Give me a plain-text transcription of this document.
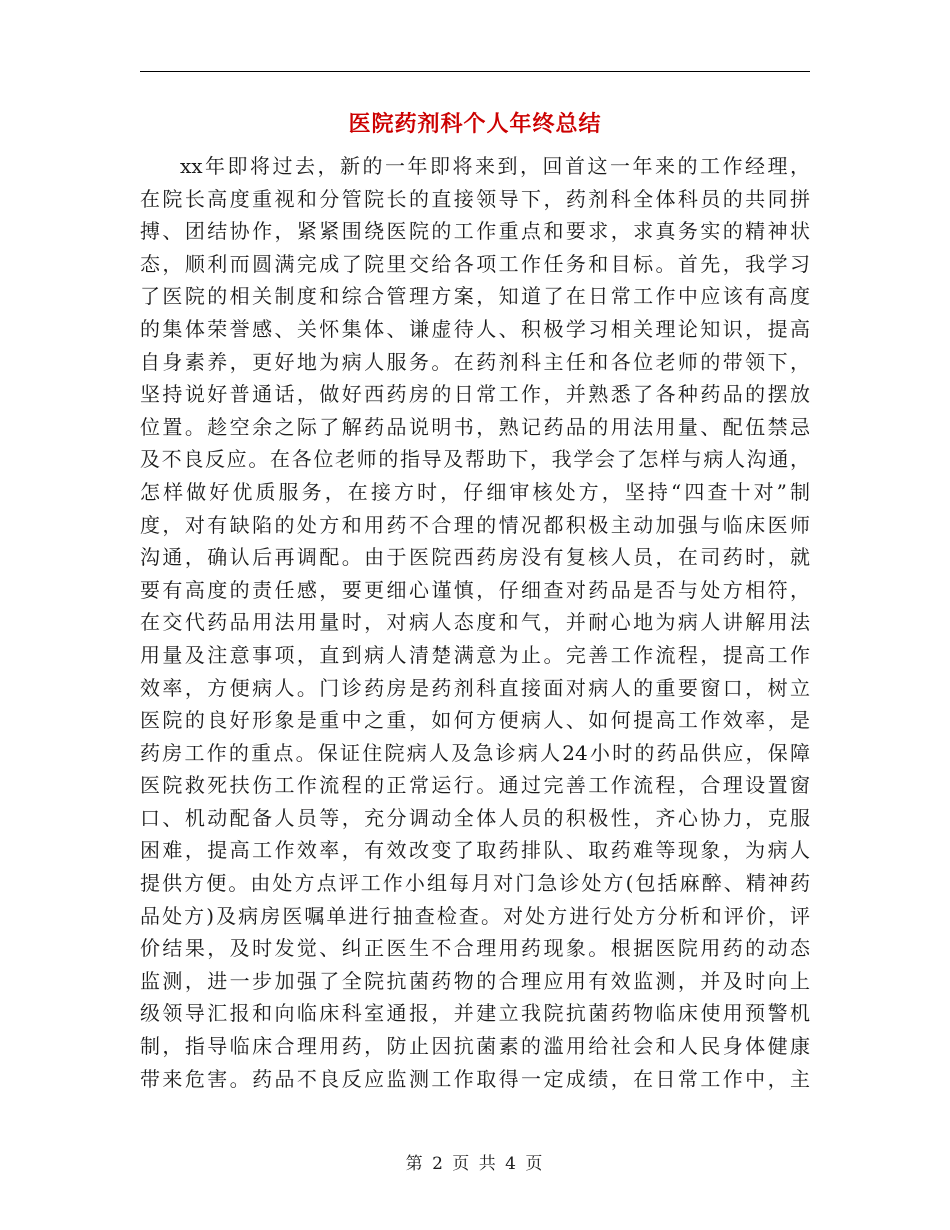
医院药剂科个人年终总结
xx年即将过去，新的一年即将来到，回首这一年来的工作经理，
在院长高度重视和分管院长的直接领导下，药剂科全体科员的共同拼
搏、团结协作，紧紧围绕医院的工作重点和要求，求真务实的精神状
态，顺利而圆满完成了院里交给各项工作任务和目标。首先，我学习
了医院的相关制度和综合管理方案，知道了在日常工作中应该有高度
的集体荣誉感、关怀集体、谦虚待人、积极学习相关理论知识，提高
自身素养，更好地为病人服务。在药剂科主任和各位老师的带领下，
坚持说好普通话，做好西药房的日常工作，并熟悉了各种药品的摆放
位置。趁空余之际了解药品说明书，熟记药品的用法用量、配伍禁忌
及不良反应。在各位老师的指导及帮助下，我学会了怎样与病人沟通，
怎样做好优质服务，在接方时，仔细审核处方，坚持“四查十对”制
度，对有缺陷的处方和用药不合理的情况都积极主动加强与临床医师
沟通，确认后再调配。由于医院西药房没有复核人员，在司药时，就
要有高度的责任感，要更细心谨慎，仔细查对药品是否与处方相符，
在交代药品用法用量时，对病人态度和气，并耐心地为病人讲解用法
用量及注意事项，直到病人清楚满意为止。完善工作流程，提高工作
效率，方便病人。门诊药房是药剂科直接面对病人的重要窗口，树立
医院的良好形象是重中之重，如何方便病人、如何提高工作效率，是
药房工作的重点。保证住院病人及急诊病人24小时的药品供应，保障
医院救死扶伤工作流程的正常运行。通过完善工作流程，合理设置窗
口、机动配备人员等，充分调动全体人员的积极性，齐心协力，克服
困难，提高工作效率，有效改变了取药排队、取药难等现象，为病人
提供方便。由处方点评工作小组每月对门急诊处方(包括麻醉、精神药
品处方)及病房医嘱单进行抽查检查。对处方进行处方分析和评价，评
价结果，及时发觉、纠正医生不合理用药现象。根据医院用药的动态
监测，进一步加强了全院抗菌药物的合理应用有效监测，并及时向上
级领导汇报和向临床科室通报，并建立我院抗菌药物临床使用预警机
制，指导临床合理用药，防止因抗菌素的滥用给社会和人民身体健康
带来危害。药品不良反应监测工作取得一定成绩，在日常工作中，主
第 2 页 共 4 页
